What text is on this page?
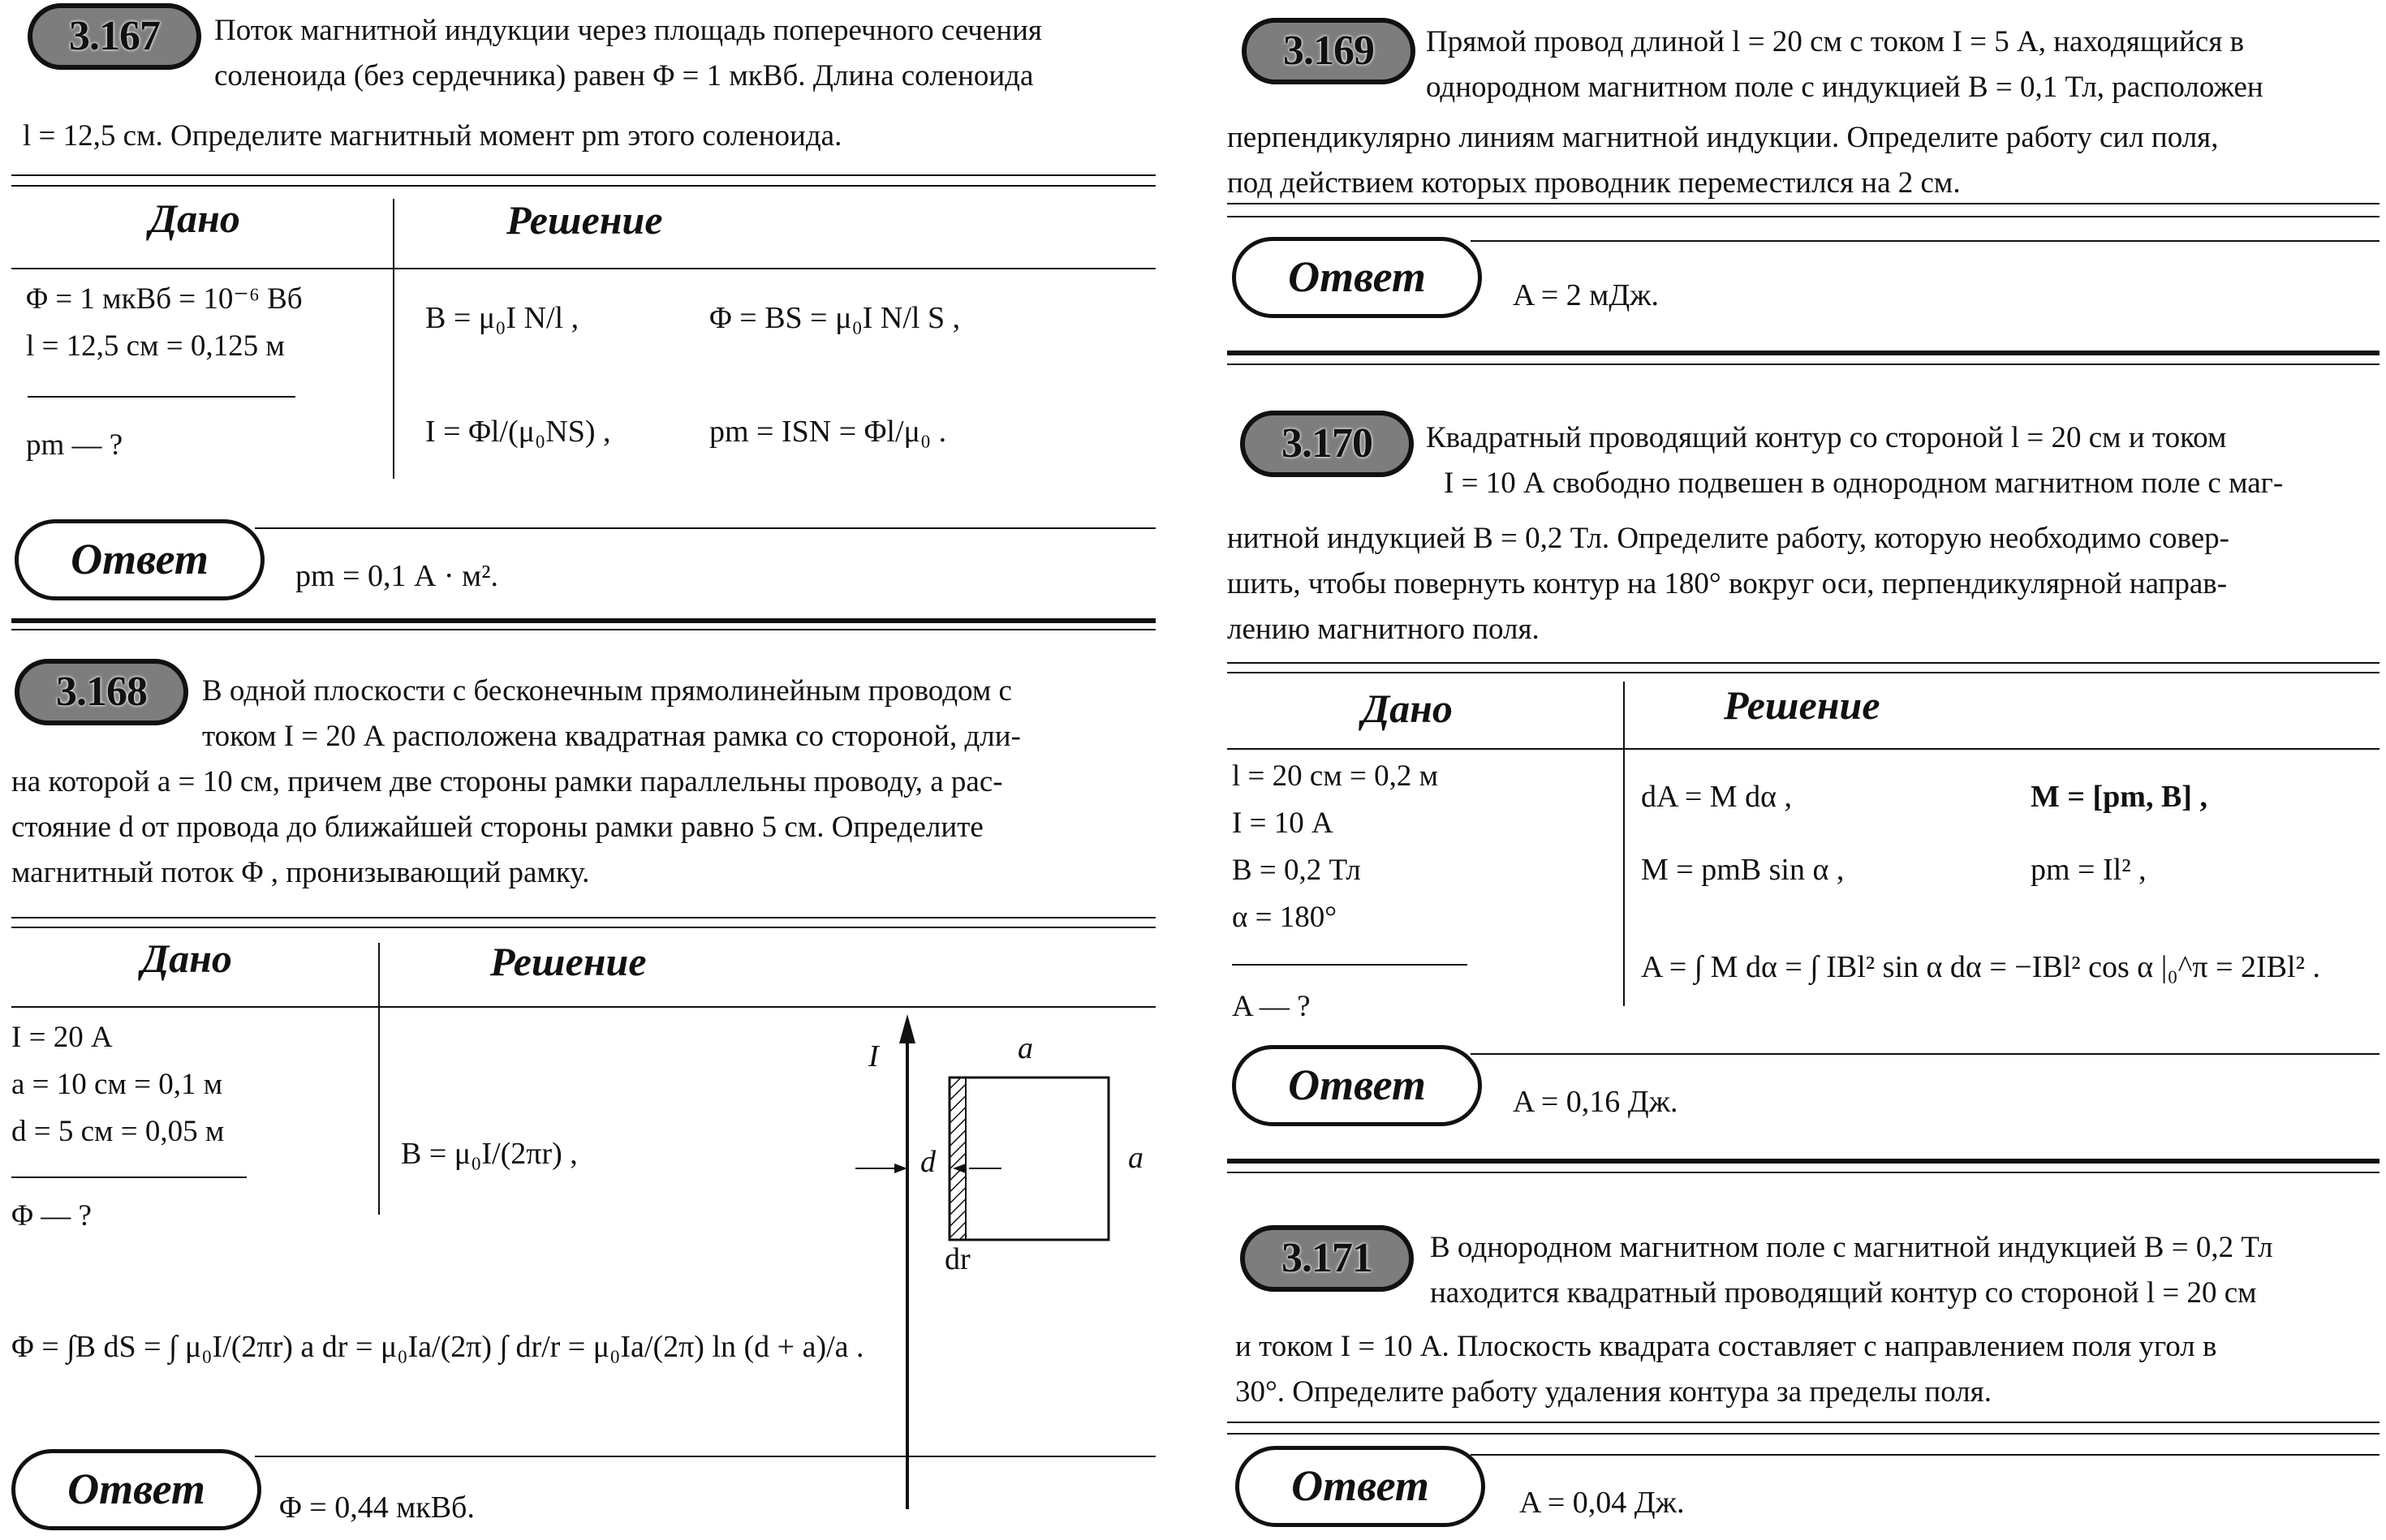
3.167	Поток магнитной индукции через площадь поперечного сечения
соленоида (без сердечника) равен Φ = 1 мкВб. Длина соленоида
l = 12,5 см. Определите магнитный момент pm этого соленоида.
Дано	Решение
Φ = 1 мкВб = 10⁻⁶ Вб
l = 12,5 см = 0,125 м
pm — ?
B = μ₀I N/l ,	Φ = BS = μ₀I N/l S ,
I = Φl/(μ₀NS) ,	pm = ISN = Φl/μ₀ .
Ответ	pm = 0,1 А · м².
3.168	В одной плоскости с бесконечным прямолинейным проводом с
током I = 20 А расположена квадратная рамка со стороной, дли-
на которой a = 10 см, причем две стороны рамки параллельны проводу, а рас-
стояние d от провода до ближайшей стороны рамки равно 5 см. Определите
магнитный поток Φ , пронизывающий рамку.
Дано	Решение
I = 20 А
a = 10 см = 0,1 м
d = 5 см = 0,05 м
Φ — ?
B = μ₀I/(2πr) ,
Φ = ∫B dS = ∫ μ₀I/(2πr) a dr = μ₀Ia/(2π) ∫ dr/r = μ₀Ia/(2π) ln (d + a)/a .
I	a
a
d
dr
Ответ	Φ = 0,44 мкВб.
3.169	Прямой провод длиной l = 20 см с током I = 5 А, находящийся в
однородном магнитном поле с индукцией B = 0,1 Тл, расположен
перпендикулярно линиям магнитной индукции. Определите работу сил поля,
под действием которых проводник переместился на 2 см.
Ответ	A = 2 мДж.
3.170	Квадратный проводящий контур со стороной l = 20 см и током
I = 10 А свободно подвешен в однородном магнитном поле с маг-
нитной индукцией B = 0,2 Тл. Определите работу, которую необходимо совер-
шить, чтобы повернуть контур на 180° вокруг оси, перпендикулярной направ-
лению магнитного поля.
Дано	Решение
l = 20 см = 0,2 м
I = 10 А
B = 0,2 Тл
α = 180°
A — ?
dA = M dα ,	M = [pm, B] ,
M = pmB sin α ,	pm = Il² ,
A = ∫ M dα = ∫ IBl² sin α dα = −IBl² cos α |₀^π = 2IBl² .
Ответ	A = 0,16 Дж.
3.171	В однородном магнитном поле с магнитной индукцией B = 0,2 Тл
находится квадратный проводящий контур со стороной l = 20 см
и током I = 10 А. Плоскость квадрата составляет с направлением поля угол в
30°. Определите работу удаления контура за пределы поля.
Ответ	A = 0,04 Дж.
